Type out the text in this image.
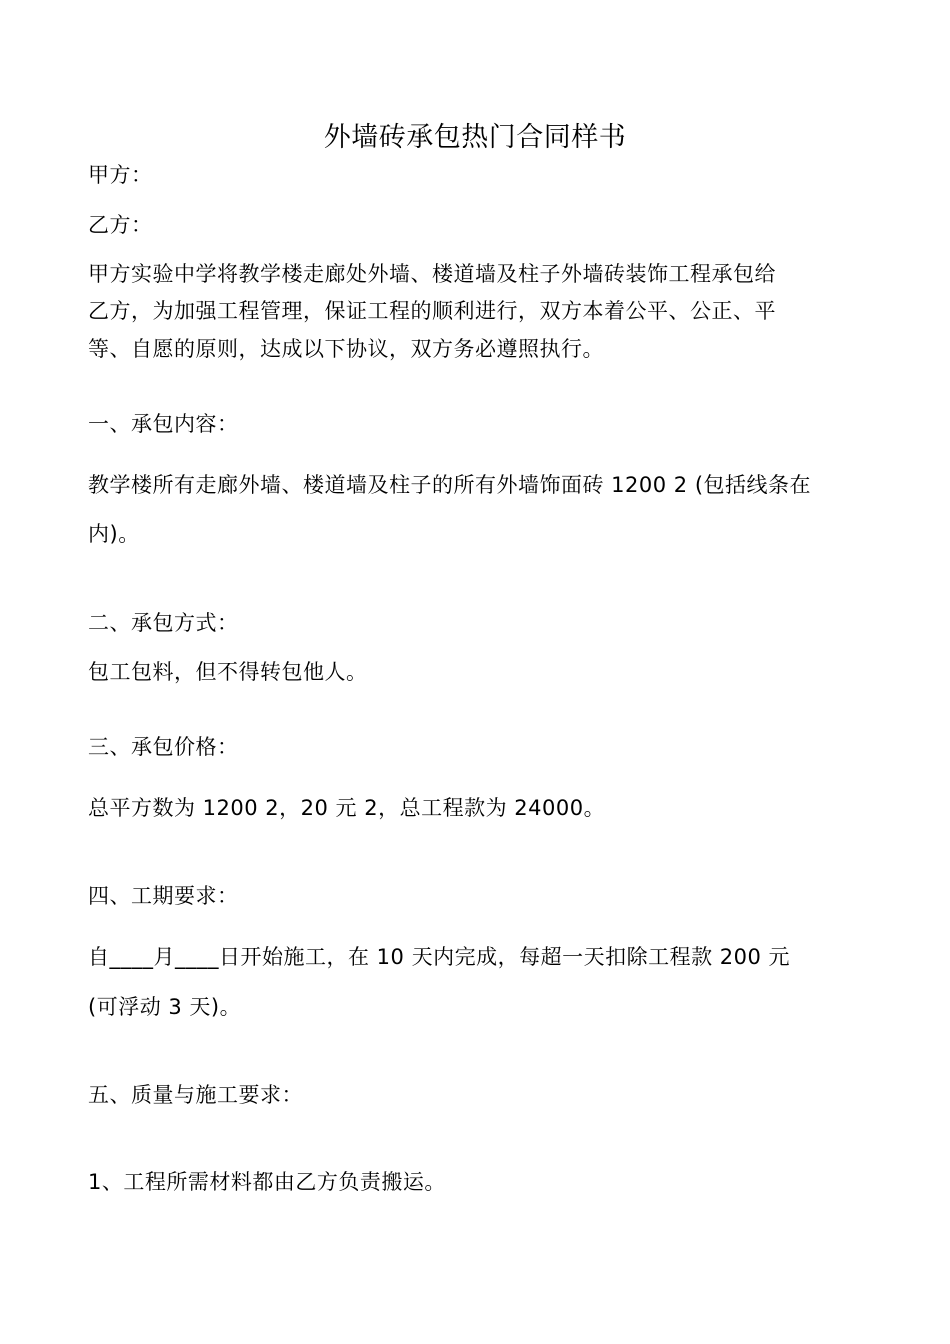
外墙砖承包热门合同样书
甲方：
乙方：
甲方实验中学将教学楼走廊处外墙、楼道墙及柱子外墙砖装饰工程承包给
乙方，为加强工程管理，保证工程的顺利进行，双方本着公平、公正、平
等、自愿的原则，达成以下协议，双方务必遵照执行。
一、承包内容：
教学楼所有走廊外墙、楼道墙及柱子的所有外墙饰面砖 1200 2 (包括线条在
内)。
二、承包方式：
包工包料，但不得转包他人。
三、承包价格：
总平方数为 1200 2，20 元 2，总工程款为 24000。
四、工期要求：
自____月____日开始施工，在 10 天内完成，每超一天扣除工程款 200 元
(可浮动 3 天)。
五、质量与施工要求：
1、工程所需材料都由乙方负责搬运。
